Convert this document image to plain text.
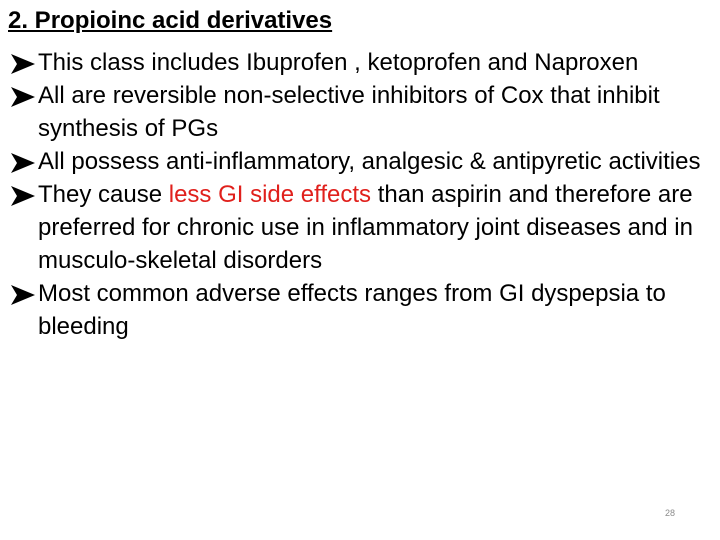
2. Propioinc acid derivatives
This class includes Ibuprofen , ketoprofen and Naproxen
All are reversible non-selective inhibitors of Cox that inhibit synthesis of PGs
All possess anti-inflammatory, analgesic & antipyretic activities
They cause less GI side effects than aspirin and therefore are preferred for chronic use in inflammatory joint diseases and in musculo-skeletal disorders
Most common adverse effects ranges from GI dyspepsia to bleeding
28
